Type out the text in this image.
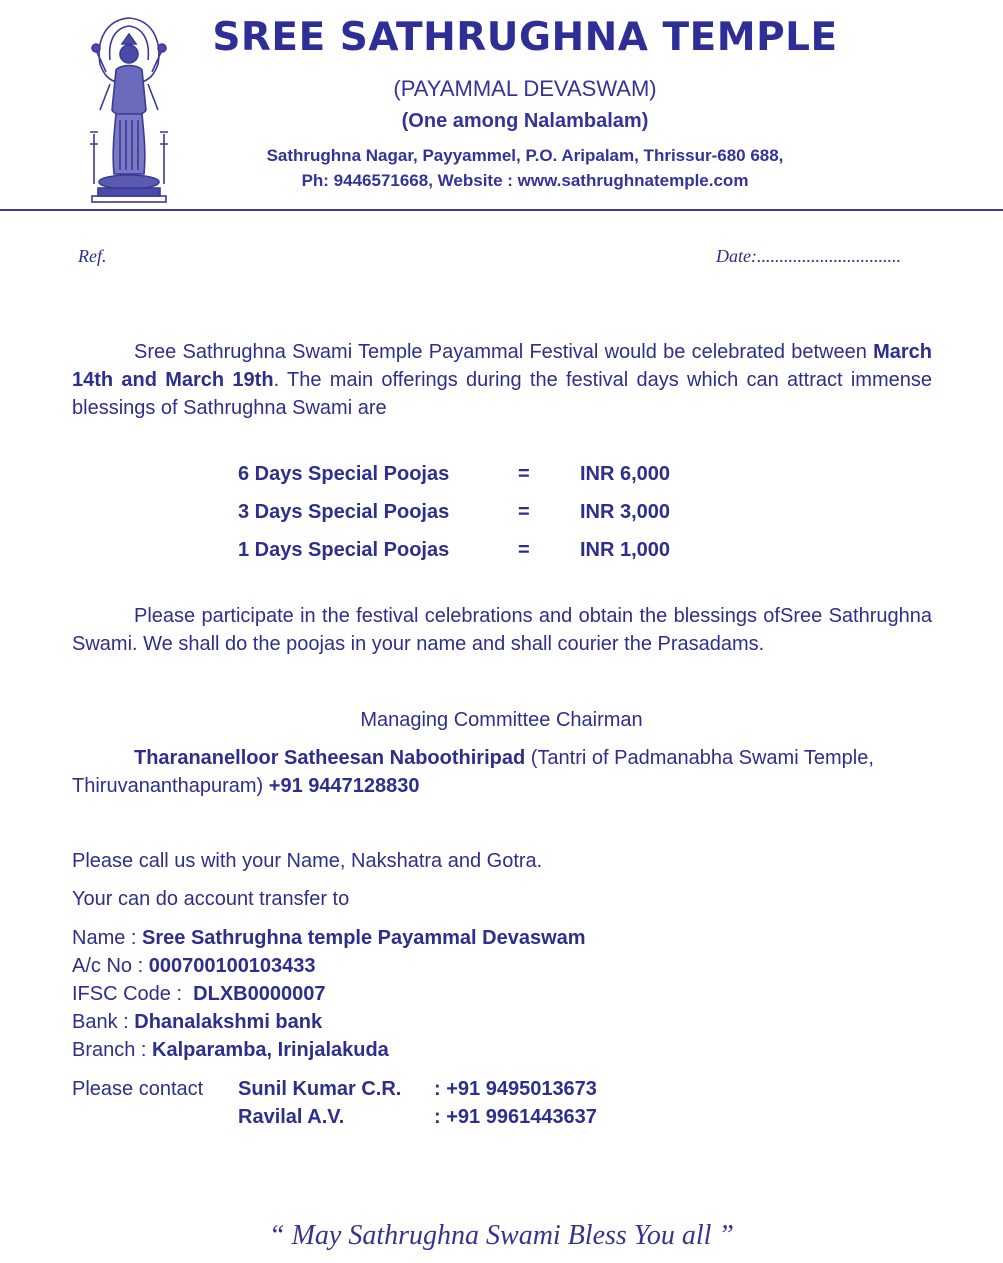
SREE SATHRUGHNA TEMPLE
(PAYAMMAL DEVASWAM)
(One among Nalambalam)
Sathrughna Nagar, Payyammel, P.O. Aripalam, Thrissur-680 688,
Ph: 9446571668, Website : www.sathrughnatemple.com
Ref.	Date:................................
Sree Sathrughna Swami Temple Payammal Festival would be celebrated between March 14th and March 19th. The main offerings during the festival days which can attract immense blessings of Sathrughna Swami are
6 Days Special Poojas	=	INR 6,000
3 Days Special Poojas	=	INR 3,000
1 Days Special Poojas	=	INR 1,000
Please participate in the festival celebrations and obtain the blessings ofSree Sathrughna Swami. We shall do the poojas in your name and shall courier the Prasadams.
Managing Committee Chairman
Tharananelloor Satheesan Naboothiripad (Tantri of Padmanabha Swami Temple, Thiruvananthapuram) +91 9447128830
Please call us with your Name, Nakshatra and Gotra.
Your can do account transfer to
Name : Sree Sathrughna temple Payammal Devaswam
A/c No : 000700100103433
IFSC Code :  DLXB0000007
Bank : Dhanalakshmi bank
Branch : Kalparamba, Irinjalakuda
Please contact Sunil Kumar C.R. : +91 9495013673
Ravilal A.V.	: +91 9961443637
“ May Sathrughna Swami Bless You all ”
